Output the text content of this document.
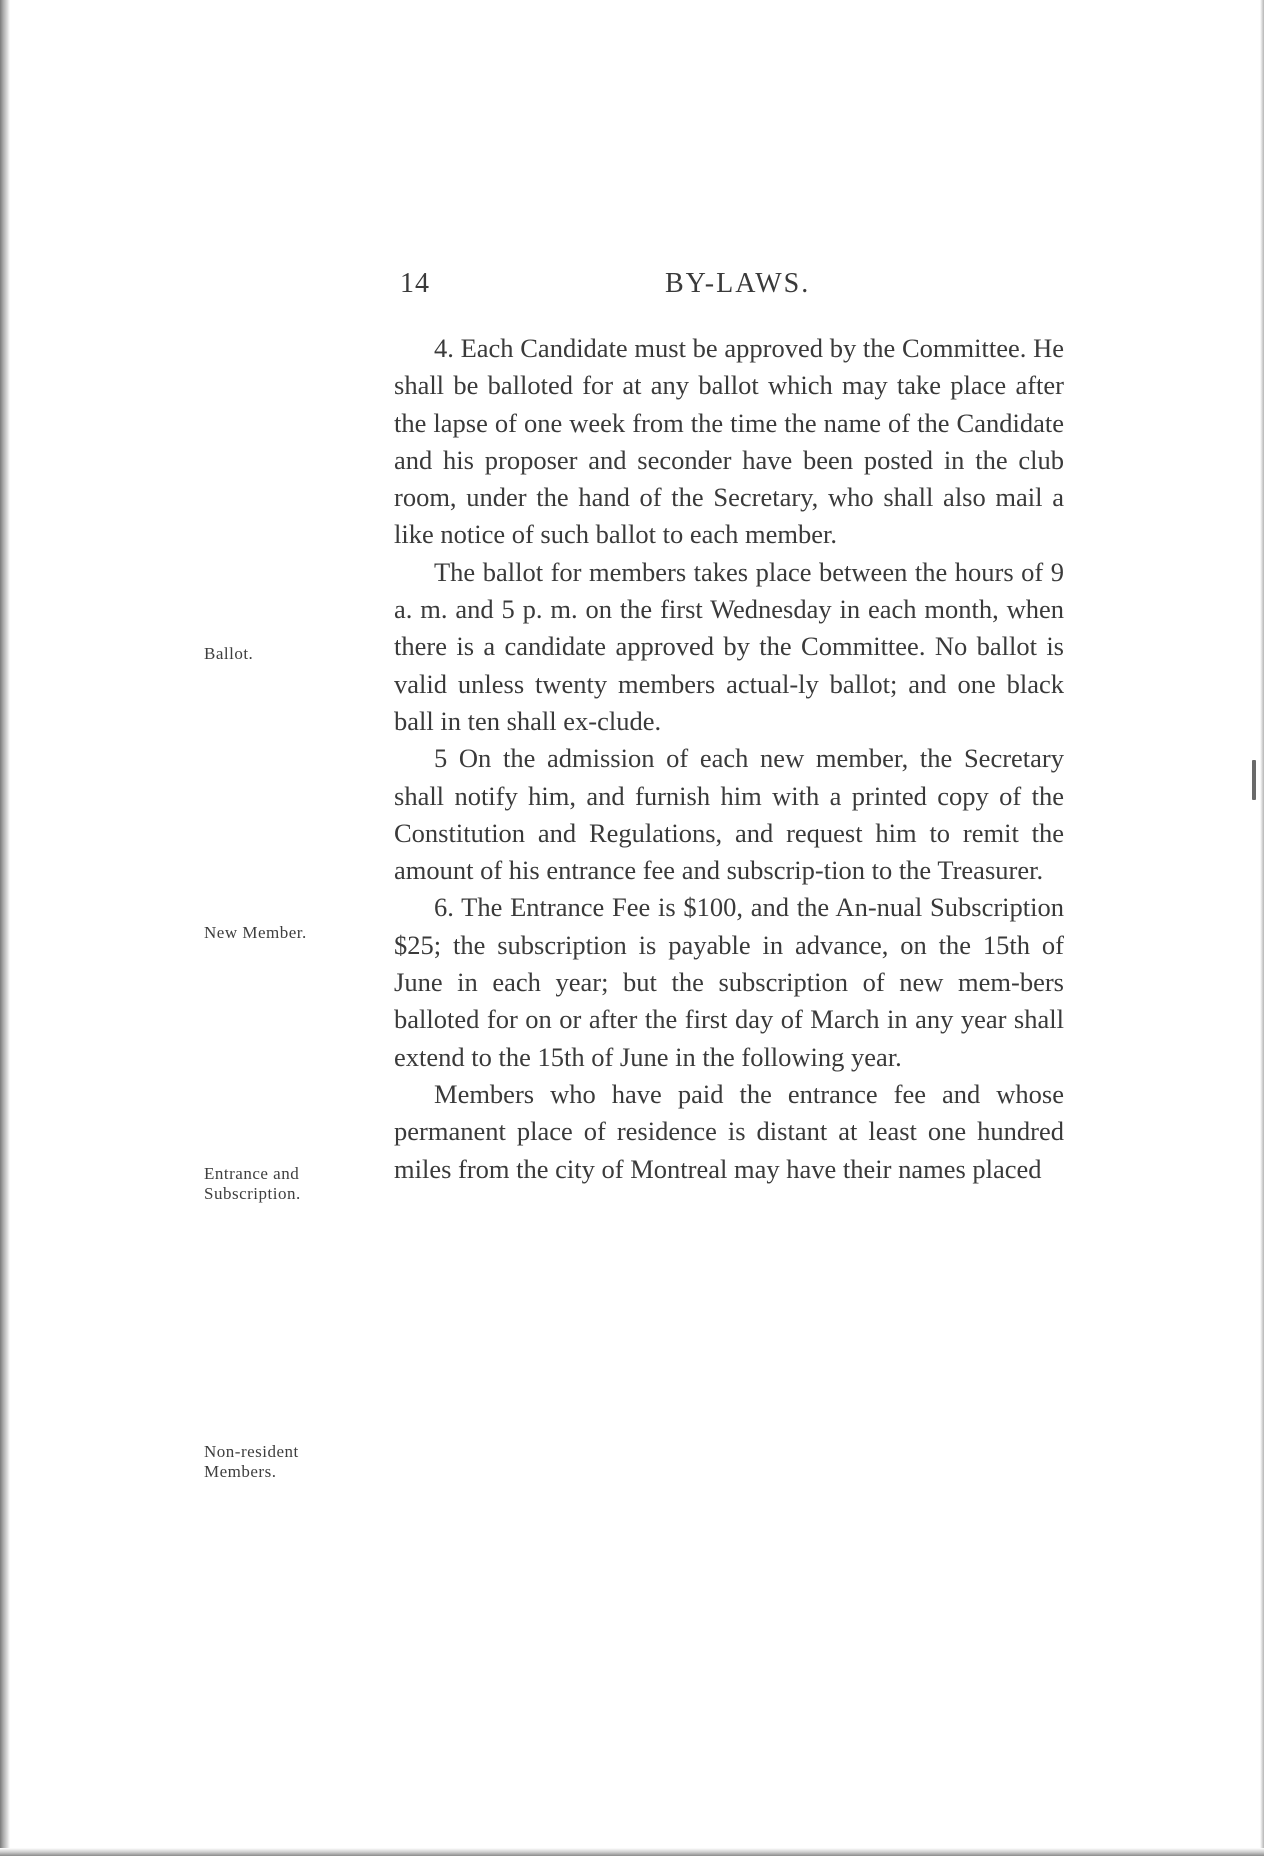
14	BY-LAWS.
Ballot.
New Member.
Entrance and Subscription.
Non-resident Members.

4. Each Candidate must be approved by the Committee. He shall be balloted for at any ballot which may take place after the lapse of one week from the time the name of the Candidate and his proposer and seconder have been posted in the club room, under the hand of the Secretary, who shall also mail a like notice of such ballot to each member.

The ballot for members takes place between the hours of 9 a. m. and 5 p. m. on the first Wednesday in each month, when there is a candidate approved by the Committee. No ballot is valid unless twenty members actual-ly ballot; and one black ball in ten shall ex-clude.

5 On the admission of each new member, the Secretary shall notify him, and furnish him with a printed copy of the Constitution and Regulations, and request him to remit the amount of his entrance fee and subscrip-tion to the Treasurer.

6. The Entrance Fee is $100, and the An-nual Subscription $25; the subscription is payable in advance, on the 15th of June in each year; but the subscription of new mem-bers balloted for on or after the first day of March in any year shall extend to the 15th of June in the following year.

Members who have paid the entrance fee and whose permanent place of residence is distant at least one hundred miles from the city of Montreal may have their names placed
